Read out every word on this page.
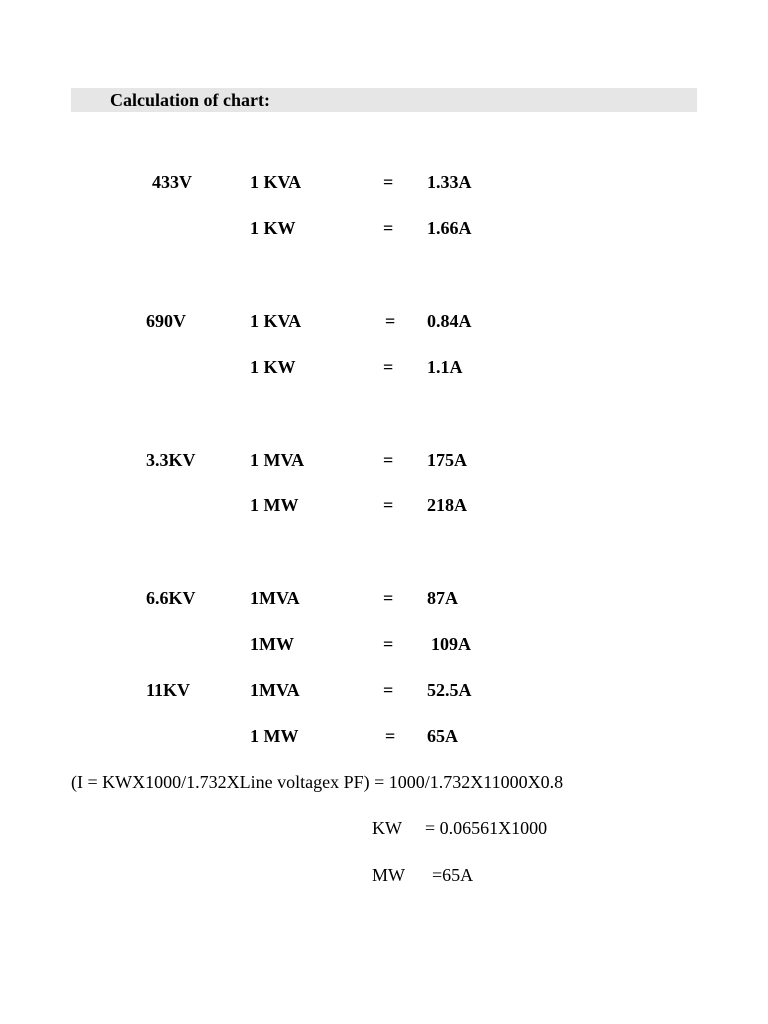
Calculation of chart:
433V	1 KVA	= 1.33A
1 KW	= 1.66A
690V	1 KVA	= 0.84A
1 KW	= 1.1A
3.3KV	1 MVA	= 175A
1 MW	= 218A
6.6KV	1MVA	= 87A
1MW	= 109A
11KV	1MVA	= 52.5A
1 MW	= 65A
(I = KWX1000/1.732XLine voltagex PF) = 1000/1.732X11000X0.8
KW = 0.06561X1000
MW =65A
